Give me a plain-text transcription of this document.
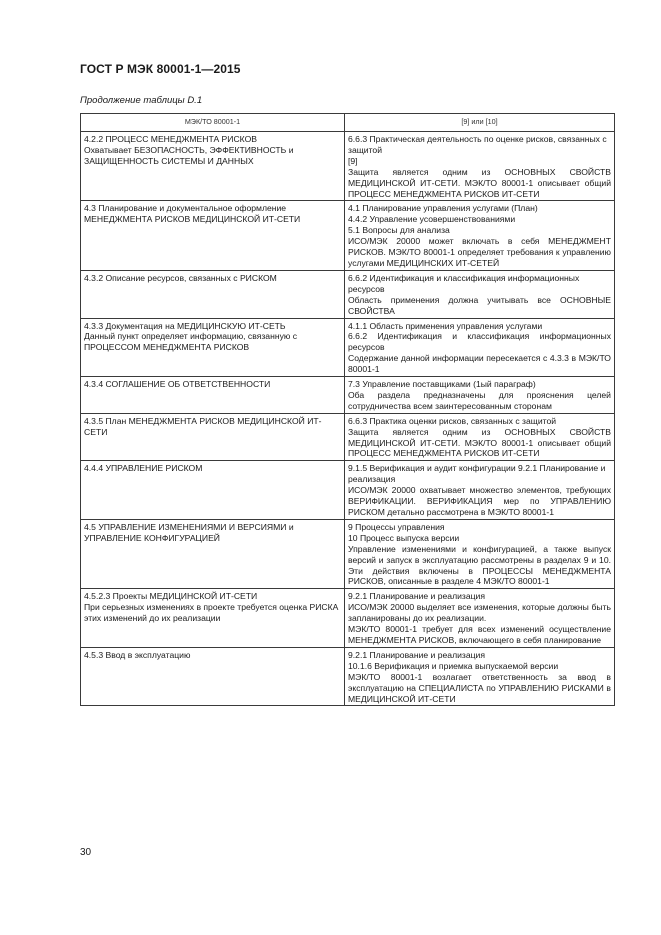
ГОСТ Р МЭК 80001-1—2015
Продолжение таблицы D.1
МЭК/ТО 80001-1	[9] или [10]

4.2.2 ПРОЦЕСС МЕНЕДЖМЕНТА РИСКОВ
Охватывает БЕЗОПАСНОСТЬ, ЭФФЕКТИВНОСТЬ и ЗАЩИЩЕННОСТЬ СИСТЕМЫ И ДАННЫХ	6.6.3 Практическая деятельность по оценке рисков, связанных с защитой
[9]
Защита является одним из ОСНОВНЫХ СВОЙСТВ МЕДИЦИНСКОЙ ИТ-СЕТИ. МЭК/ТО 80001-1 описывает общий ПРОЦЕСС МЕНЕДЖМЕНТА РИСКОВ ИТ-СЕТИ

4.3 Планирование и документальное оформление МЕНЕДЖМЕНТА РИСКОВ МЕДИЦИНСКОЙ ИТ-СЕТИ	4.1 Планирование управления услугами (План)
4.4.2 Управление усовершенствованиями
5.1 Вопросы для анализа
ИСО/МЭК 20000 может включать в себя МЕНЕДЖМЕНТ РИСКОВ. МЭК/ТО 80001-1 определяет требования к управлению услугами МЕДИЦИНСКИХ ИТ-СЕТЕЙ

4.3.2 Описание ресурсов, связанных с РИСКОМ	6.6.2 Идентификация и классификация информационных ресурсов
Область применения должна учитывать все ОСНОВНЫЕ СВОЙСТВА

4.3.3 Документация на МЕДИЦИНСКУЮ ИТ-СЕТЬ
Данный пункт определяет информацию, связанную с ПРОЦЕССОМ МЕНЕДЖМЕНТА РИСКОВ	4.1.1 Область применения управления услугами
6.6.2 Идентификация и классификация информационных ресурсов
Содержание данной информации пересекается с 4.3.3 в МЭК/ТО 80001-1

4.3.4 СОГЛАШЕНИЕ ОБ ОТВЕТСТВЕННОСТИ	7.3 Управление поставщиками (1ый параграф)
Оба раздела предназначены для прояснения целей сотрудничества всем заинтересованным сторонам

4.3.5 План МЕНЕДЖМЕНТА РИСКОВ МЕДИЦИНСКОЙ ИТ-СЕТИ	6.6.3 Практика оценки рисков, связанных с защитой
Защита является одним из ОСНОВНЫХ СВОЙСТВ МЕДИЦИНСКОЙ ИТ-СЕТИ. МЭК/ТО 80001-1 описывает общий ПРОЦЕСС МЕНЕДЖМЕНТА РИСКОВ ИТ-СЕТИ

4.4.4 УПРАВЛЕНИЕ РИСКОМ	9.1.5 Верификация и аудит конфигурации 9.2.1 Планирование и реализация
ИСО/МЭК 20000 охватывает множество элементов, требующих ВЕРИФИКАЦИИ. ВЕРИФИКАЦИЯ мер по УПРАВЛЕНИЮ РИСКОМ детально рассмотрена в МЭК/ТО 80001-1

4.5 УПРАВЛЕНИЕ ИЗМЕНЕНИЯМИ И ВЕРСИЯМИ и УПРАВЛЕНИЕ КОНФИГУРАЦИЕЙ	9 Процессы управления
10 Процесс выпуска версии
Управление изменениями и конфигурацией, а также выпуск версий и запуск в эксплуатацию рассмотрены в разделах 9 и 10. Эти действия включены в ПРОЦЕССЫ МЕНЕДЖМЕНТА РИСКОВ, описанные в разделе 4 МЭК/ТО 80001-1

4.5.2.3 Проекты МЕДИЦИНСКОЙ ИТ-СЕТИ
При серьезных изменениях в проекте требуется оценка РИСКА этих изменений до их реализации	9.2.1 Планирование и реализация
ИСО/МЭК 20000 выделяет все изменения, которые должны быть запланированы до их реализации.
МЭК/ТО 80001-1 требует для всех изменений осуществление МЕНЕДЖМЕНТА РИСКОВ, включающего в себя планирование

4.5.3 Ввод в эксплуатацию	9.2.1 Планирование и реализация
10.1.6 Верификация и приемка выпускаемой версии
МЭК/ТО 80001-1 возлагает ответственность за ввод в эксплуатацию на СПЕЦИАЛИСТА по УПРАВЛЕНИЮ РИСКАМИ в МЕДИЦИНСКОЙ ИТ-СЕТИ
30
